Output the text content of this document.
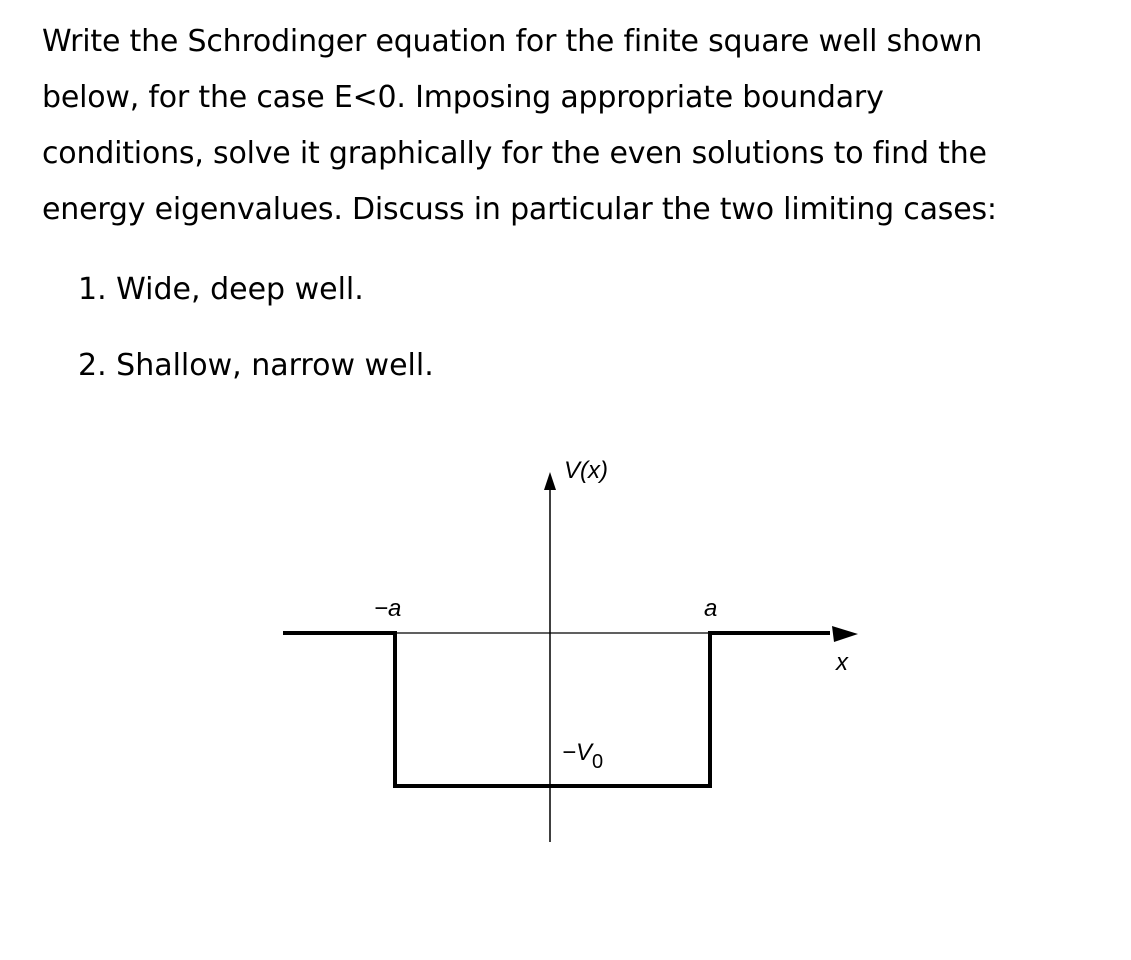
Write the Schrodinger equation for the finite square well shown

below, for the case E<0. Imposing appropriate boundary

conditions, solve it graphically for the even solutions to find the

energy eigenvalues. Discuss in particular the two limiting cases:

1. Wide, deep well.
2. Shallow, narrow well.
V(x)
x
−a	a
$-V_0$
